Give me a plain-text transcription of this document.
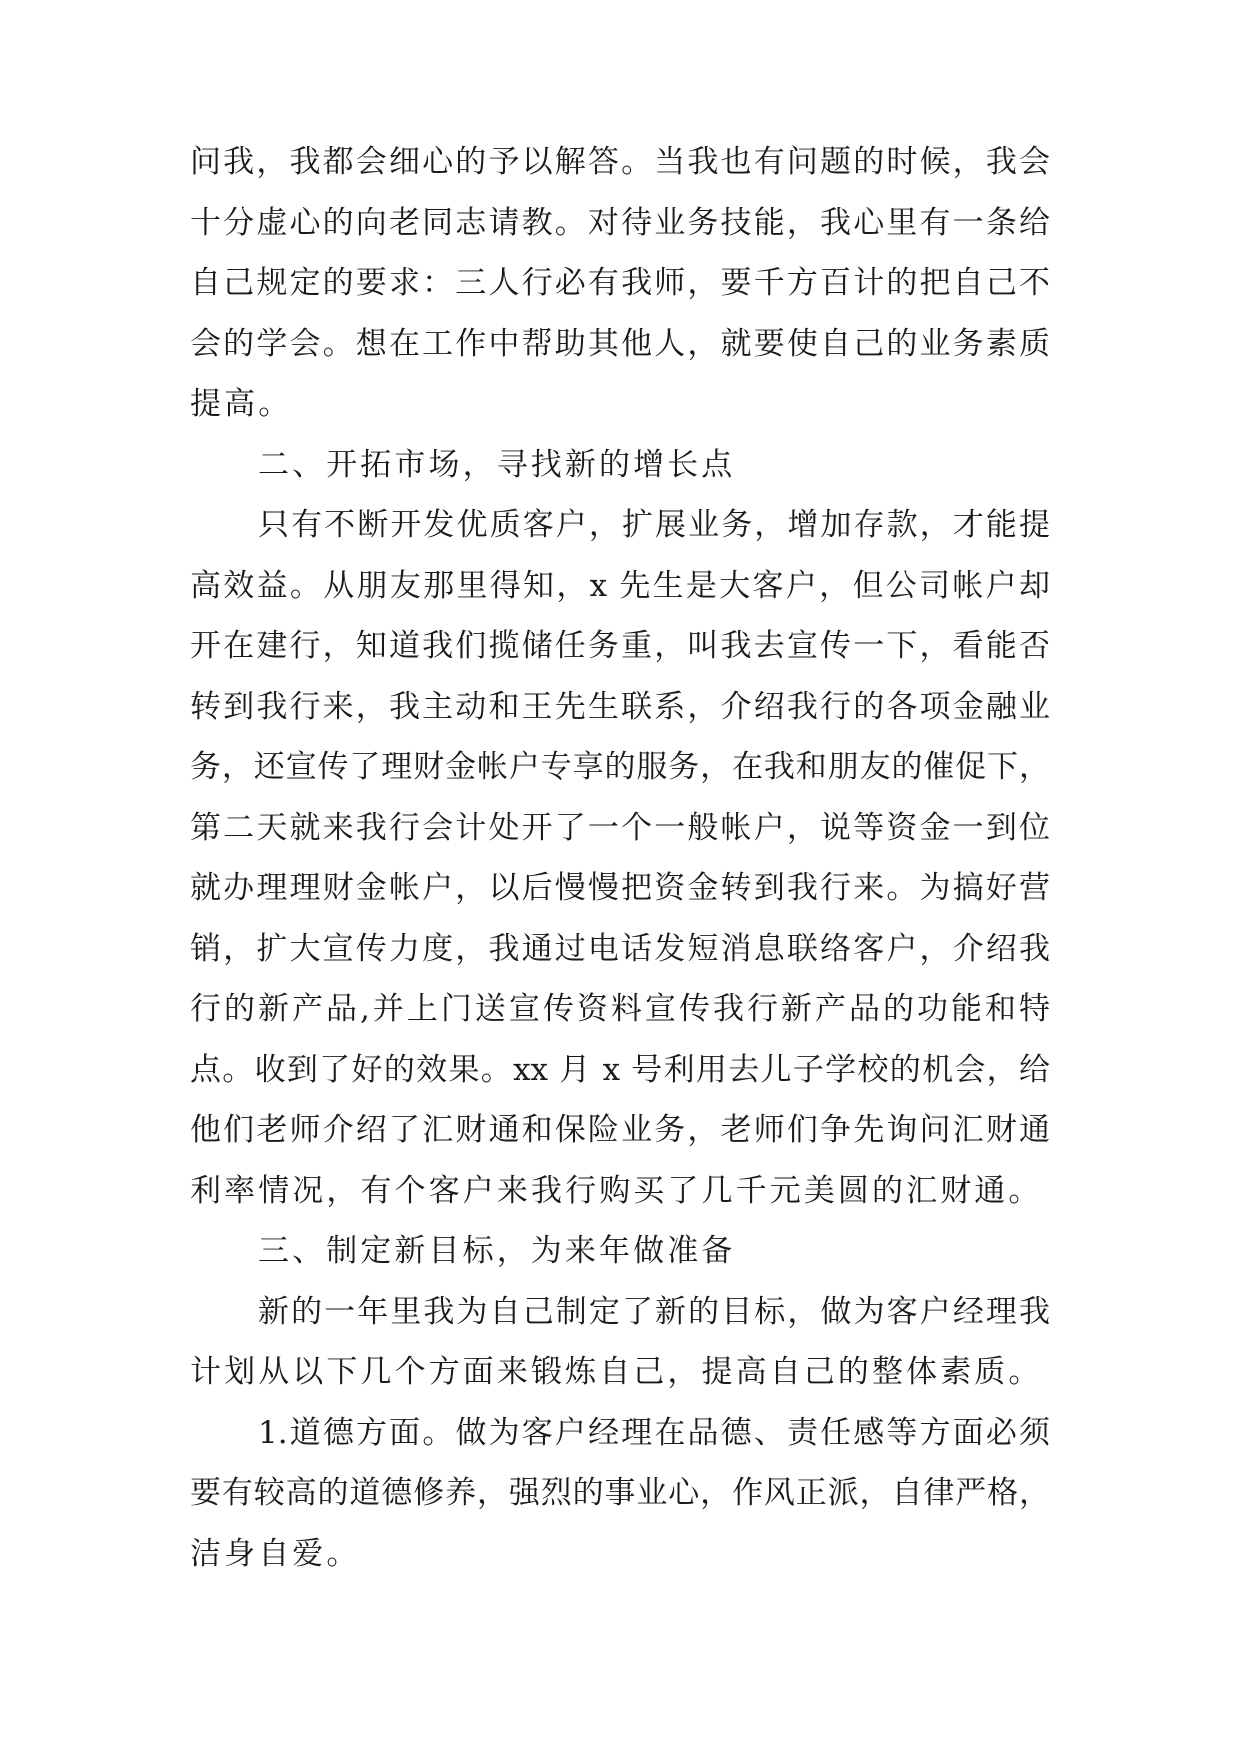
问我，我都会细心的予以解答。当我也有问题的时候，我会
十分虚心的向老同志请教。对待业务技能，我心里有一条给
自己规定的要求：三人行必有我师，要千方百计的把自己不
会的学会。想在工作中帮助其他人，就要使自己的业务素质
提高。
二、开拓市场，寻找新的增长点
只有不断开发优质客户，扩展业务，增加存款，才能提
高效益。从朋友那里得知，x 先生是大客户，但公司帐户却
开在建行，知道我们揽储任务重，叫我去宣传一下，看能否
转到我行来，我主动和王先生联系，介绍我行的各项金融业
务，还宣传了理财金帐户专享的服务，在我和朋友的催促下，
第二天就来我行会计处开了一个一般帐户，说等资金一到位
就办理理财金帐户，以后慢慢把资金转到我行来。为搞好营
销，扩大宣传力度，我通过电话发短消息联络客户，介绍我
行的新产品,并上门送宣传资料宣传我行新产品的功能和特
点。收到了好的效果。xx 月 x 号利用去儿子学校的机会，给
他们老师介绍了汇财通和保险业务，老师们争先询问汇财通
利率情况，有个客户来我行购买了几千元美圆的汇财通。
三、制定新目标，为来年做准备
新的一年里我为自己制定了新的目标，做为客户经理我
计划从以下几个方面来锻炼自己，提高自己的整体素质。
1.道德方面。做为客户经理在品德、责任感等方面必须
要有较高的道德修养，强烈的事业心，作风正派，自律严格，
洁身自爱。
